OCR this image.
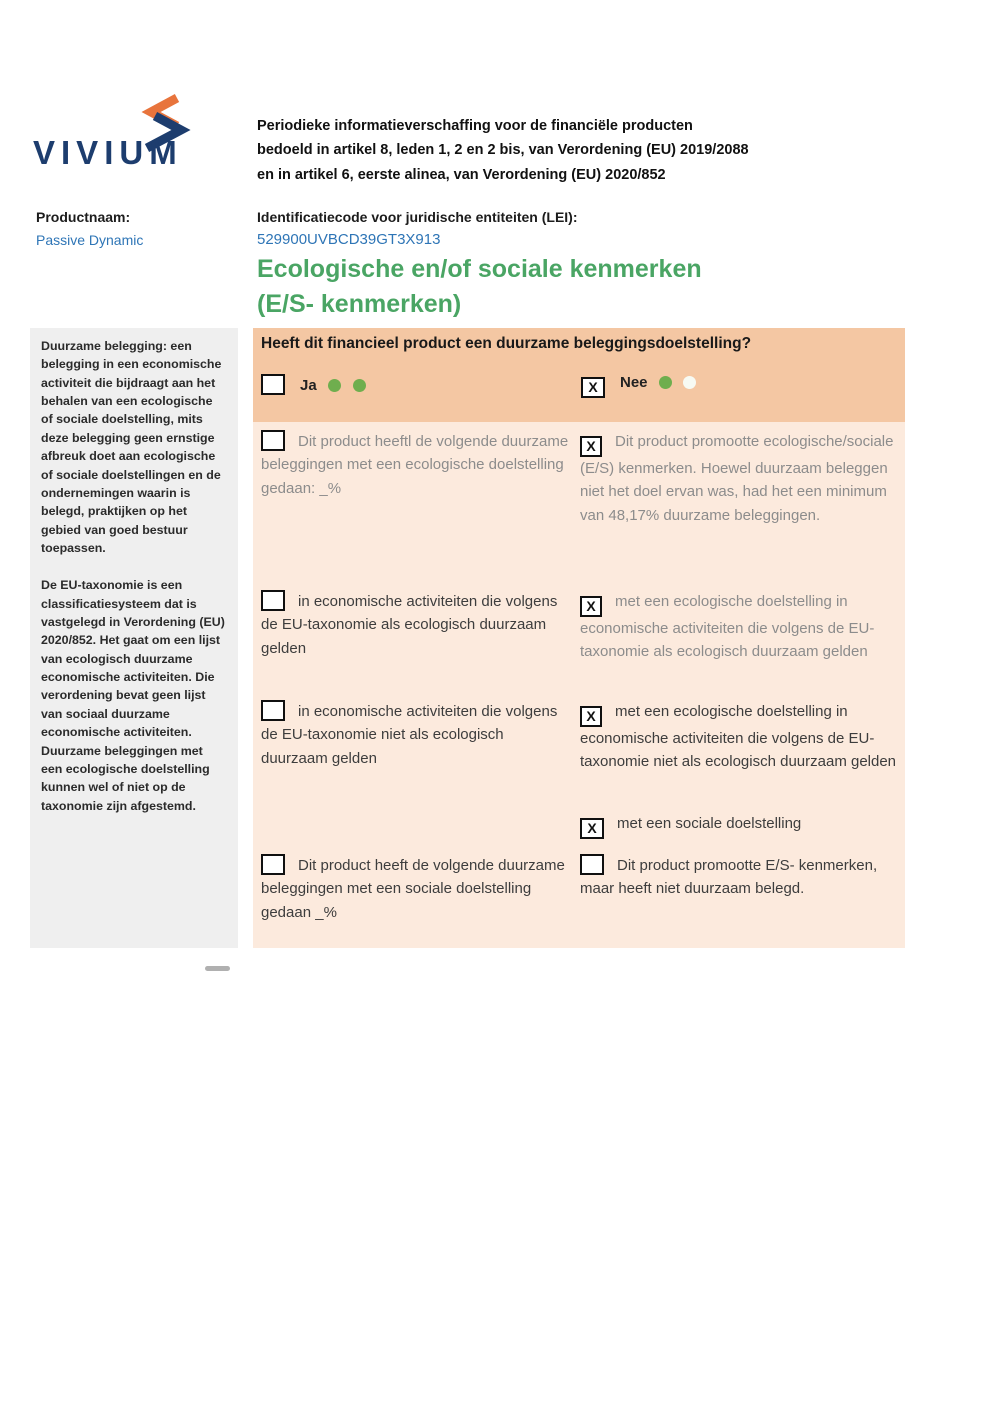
VIVIUM
Periodieke informatieverschaffing voor de financiële producten
bedoeld in artikel 8, leden 1, 2 en 2 bis, van Verordening (EU) 2019/2088
en in artikel 6, eerste alinea, van Verordening (EU) 2020/852
Productnaam:
Passive Dynamic
Identificatiecode voor juridische entiteiten (LEI):
529900UVBCD39GT3X913
Ecologische en/of sociale kenmerken
(E/S- kenmerken)

Duurzame belegging: een belegging in een economische activiteit die bijdraagt aan het behalen van een ecologische of sociale doelstelling, mits deze belegging geen ernstige afbreuk doet aan ecologische of sociale doelstellingen en de ondernemingen waarin is belegd, praktijken op het gebied van goed bestuur toepassen.

De EU-taxonomie is een classificatiesysteem dat is vastgelegd in Verordening (EU) 2020/852. Het gaat om een lijst van ecologisch duurzame economische activiteiten. Die verordening bevat geen lijst van sociaal duurzame economische activiteiten. Duurzame beleggingen met een ecologische doelstelling kunnen wel of niet op de taxonomie zijn afgestemd.

Heeft dit financieel product een duurzame beleggingsdoelstelling?
Ja	X Nee
Dit product heeftl de volgende duurzame beleggingen met een ecologische doelstelling gedaan: _%
X Dit product promootte ecologische/sociale (E/S) kenmerken. Hoewel duurzaam beleggen niet het doel ervan was, had het een minimum van 48,17% duurzame beleggingen.
in economische activiteiten die volgens de EU-taxonomie als ecologisch duurzaam gelden
X met een ecologische doelstelling in economische activiteiten die volgens de EU-taxonomie als ecologisch duurzaam gelden
in economische activiteiten die volgens de EU-taxonomie niet als ecologisch duurzaam gelden
X met een ecologische doelstelling in economische activiteiten die volgens de EU-taxonomie niet als ecologisch duurzaam gelden
X met een sociale doelstelling
Dit product heeft de volgende duurzame beleggingen met een sociale doelstelling gedaan _%
Dit product promootte E/S- kenmerken, maar heeft niet duurzaam belegd.
